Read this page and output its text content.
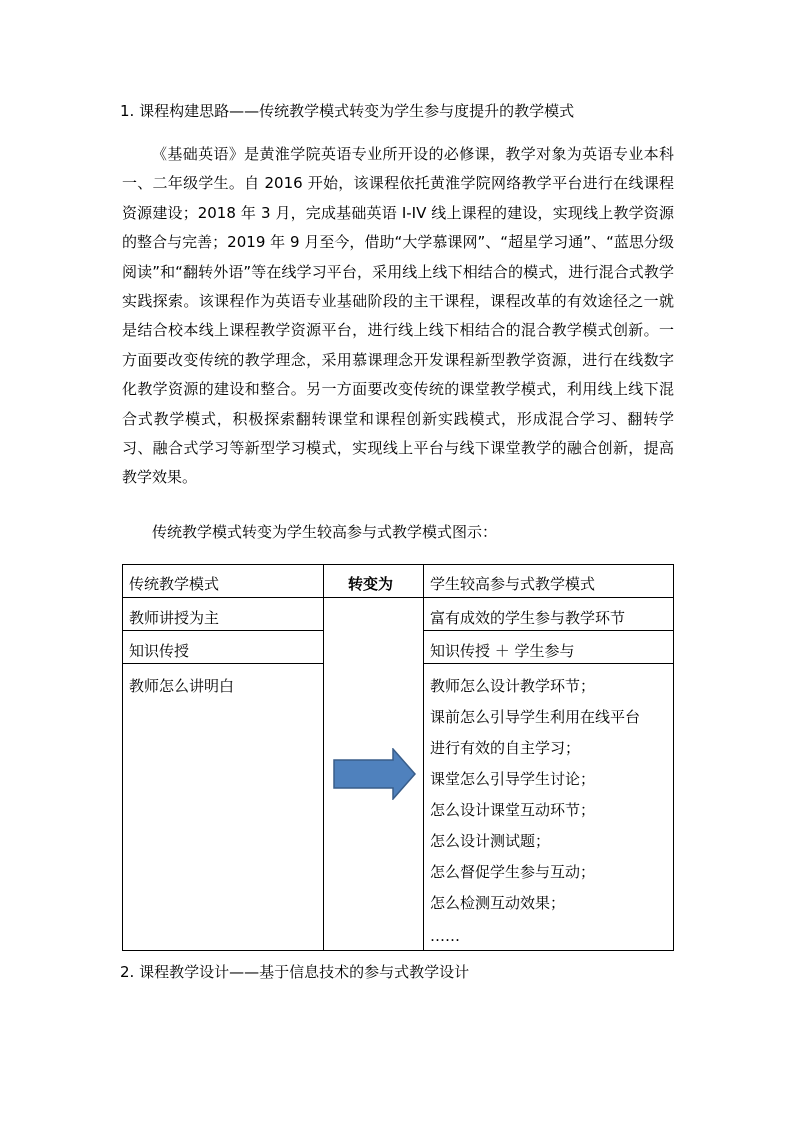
1. 课程构建思路——传统教学模式转变为学生参与度提升的教学模式

《基础英语》是黄淮学院英语专业所开设的必修课，教学对象为英语专业本科一、二年级学生。自 2016 开始，该课程依托黄淮学院网络教学平台进行在线课程资源建设；2018 年 3 月，完成基础英语 I-IV 线上课程的建设，实现线上教学资源的整合与完善；2019 年 9 月至今，借助“大学慕课网”、“超星学习通”、“蓝思分级阅读”和“翻转外语”等在线学习平台，采用线上线下相结合的模式，进行混合式教学实践探索。该课程作为英语专业基础阶段的主干课程，课程改革的有效途径之一就是结合校本线上课程教学资源平台，进行线上线下相结合的混合教学模式创新。一方面要改变传统的教学理念，采用慕课理念开发课程新型教学资源，进行在线数字化教学资源的建设和整合。另一方面要改变传统的课堂教学模式，利用线上线下混合式教学模式，积极探索翻转课堂和课程创新实践模式，形成混合学习、翻转学习、融合式学习等新型学习模式，实现线上平台与线下课堂教学的融合创新，提高教学效果。

传统教学模式转变为学生较高参与式教学模式图示：
传统教学模式	转变为 学生较高参与式教学模式
教师讲授为主
知识传授
教师怎么讲明白
富有成效的学生参与教学环节
知识传授 ＋ 学生参与
教师怎么设计教学环节；
课前怎么引导学生利用在线平台
进行有效的自主学习；
课堂怎么引导学生讨论；
怎么设计课堂互动环节；
怎么设计测试题；
怎么督促学生参与互动；
怎么检测互动效果；
……
2. 课程教学设计——基于信息技术的参与式教学设计
